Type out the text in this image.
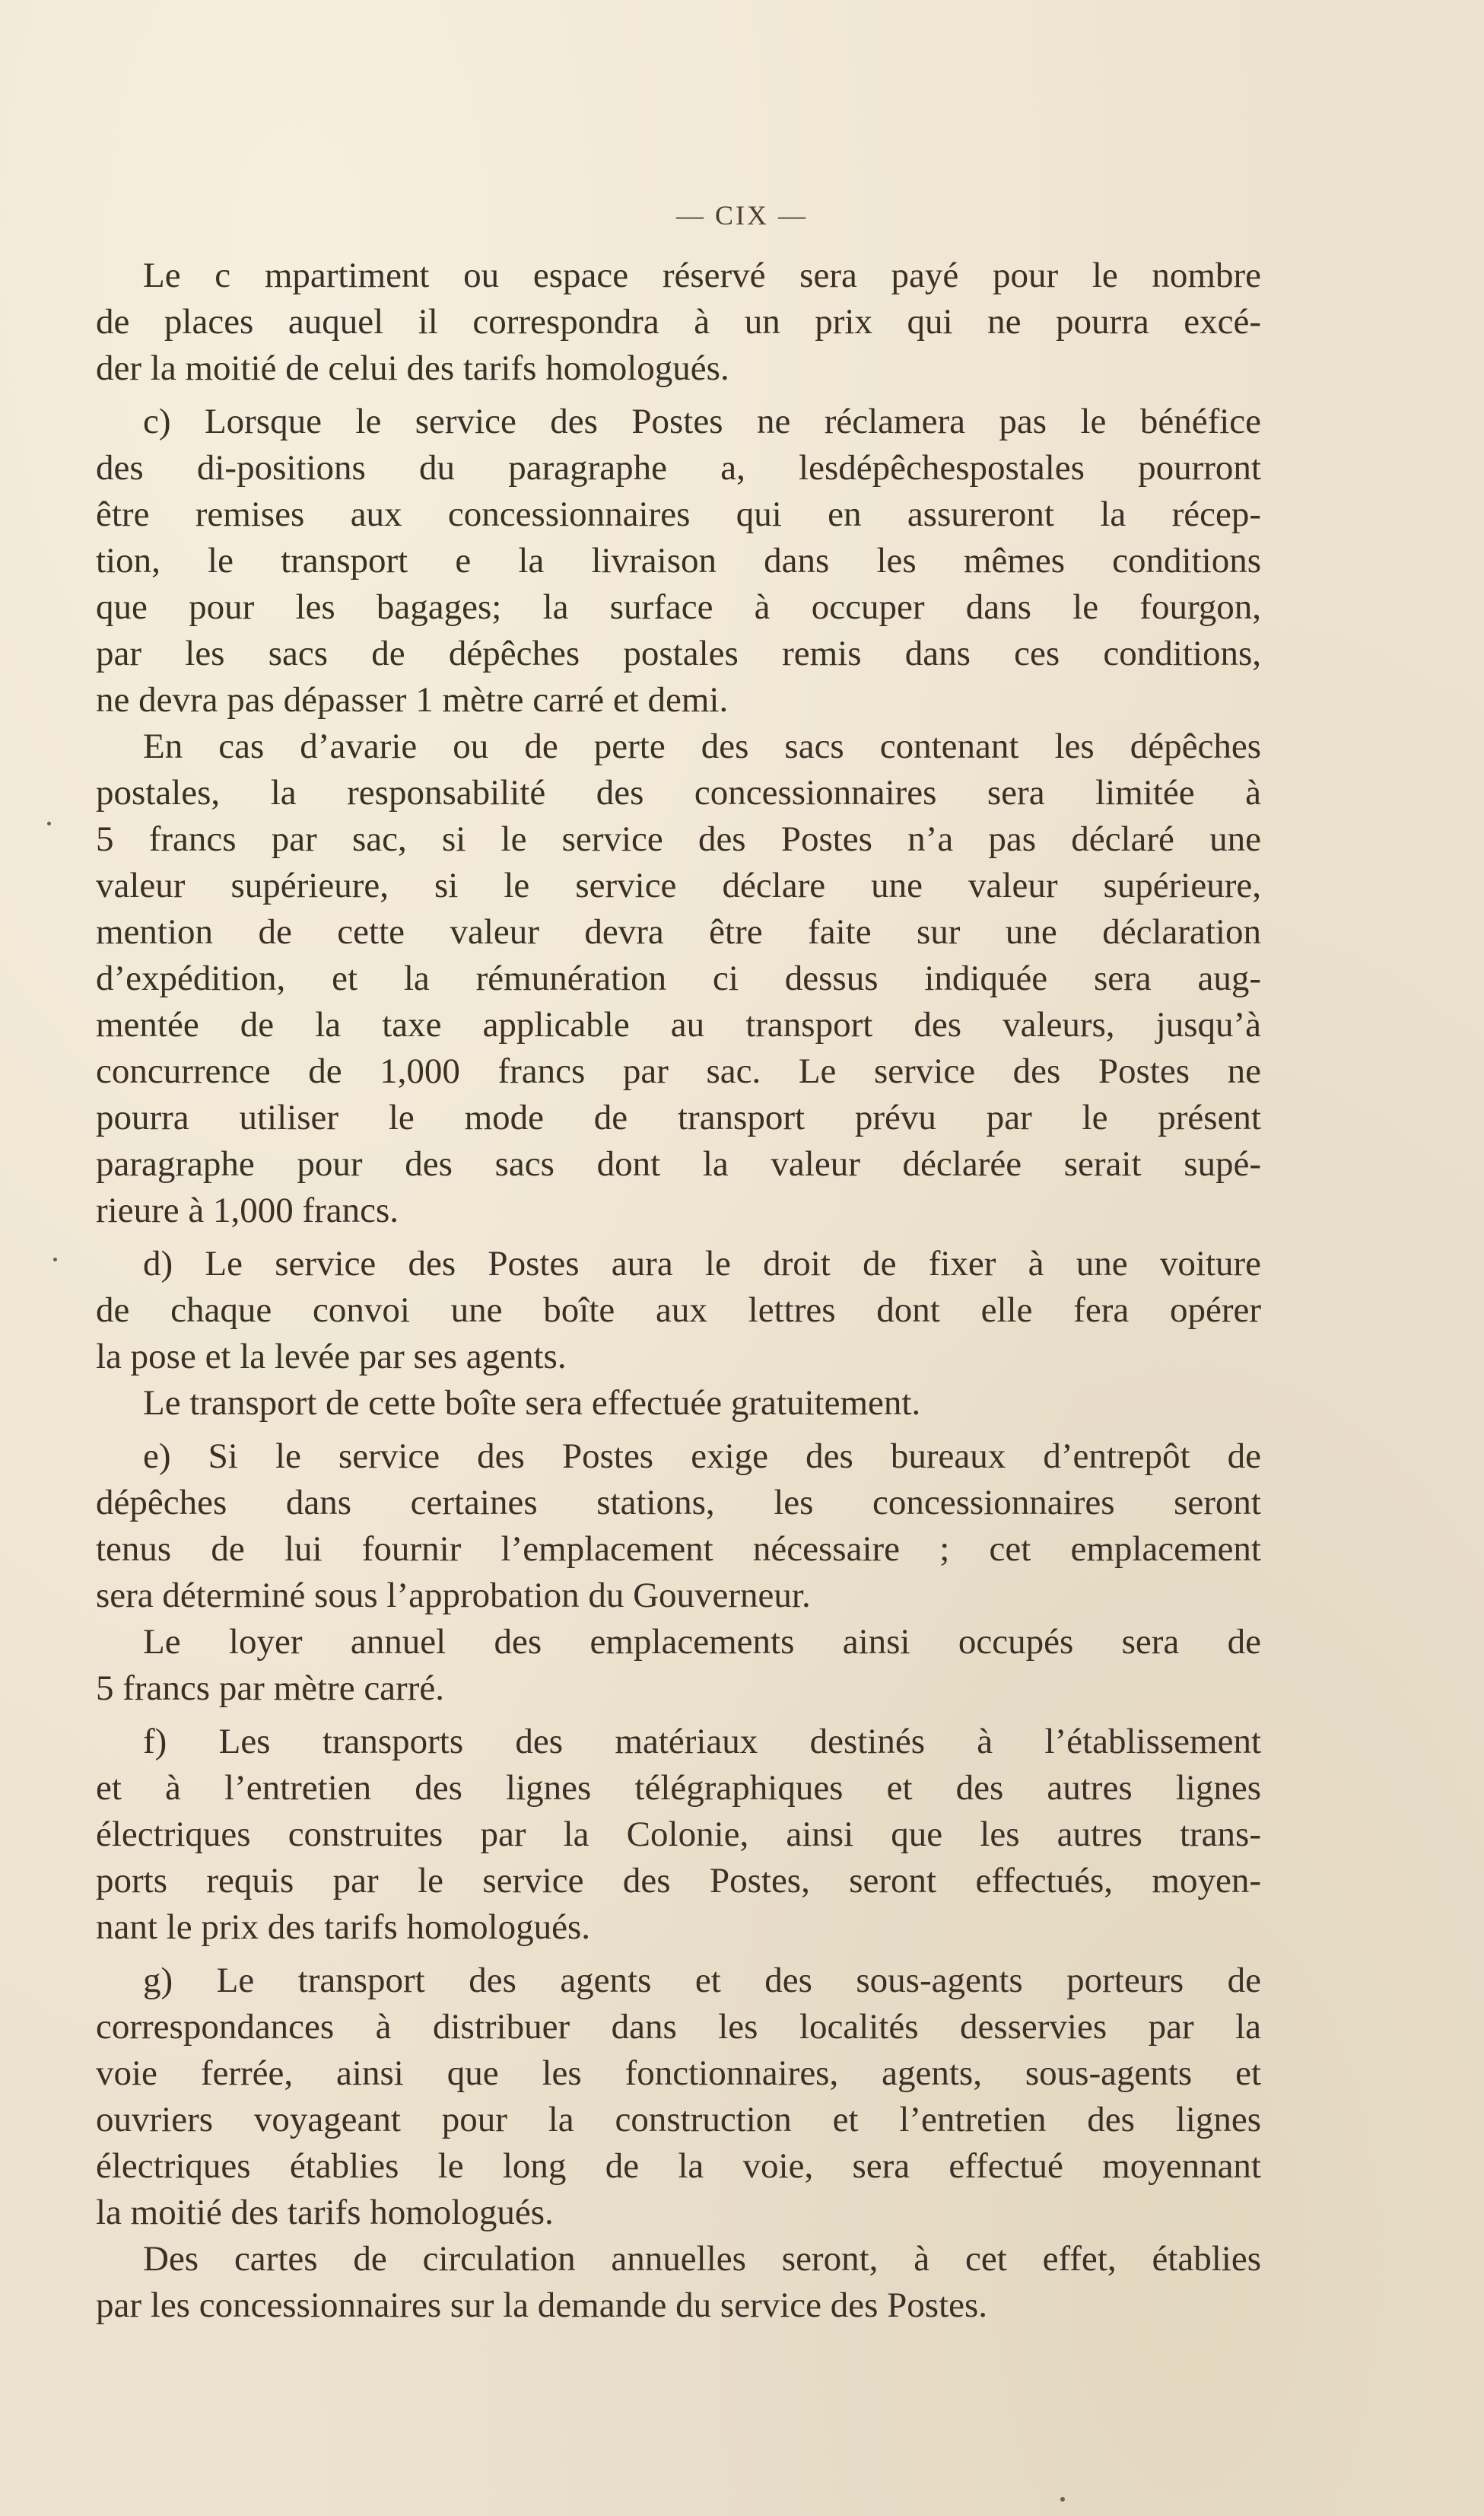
— CIX —
Le c mpartiment ou espace réservé sera payé pour le nombre
de places auquel il correspondra à un prix qui ne pourra excé-
der la moitié de celui des tarifs homologués.
c) Lorsque le service des Postes ne réclamera pas le bénéfice
des di-positions du paragraphe a, lesdépêchespostales pourront
être remises aux concessionnaires qui en assureront la récep-
tion, le transport e la livraison dans les mêmes conditions
que pour les bagages; la surface à occuper dans le fourgon,
par les sacs de dépêches postales remis dans ces conditions,
ne devra pas dépasser 1 mètre carré et demi.
En cas d’avarie ou de perte des sacs contenant les dépêches
postales, la responsabilité des concessionnaires sera limitée à
5 francs par sac, si le service des Postes n’a pas déclaré une
valeur supérieure, si le service déclare une valeur supérieure,
mention de cette valeur devra être faite sur une déclaration
d’expédition, et la rémunération ci dessus indiquée sera aug-
mentée de la taxe applicable au transport des valeurs, jusqu’à
concurrence de 1,000 francs par sac. Le service des Postes ne
pourra utiliser le mode de transport prévu par le présent
paragraphe pour des sacs dont la valeur déclarée serait supé-
rieure à 1,000 francs.
d) Le service des Postes aura le droit de fixer à une voiture
de chaque convoi une boîte aux lettres dont elle fera opérer
la pose et la levée par ses agents.
Le transport de cette boîte sera effectuée gratuitement.
e) Si le service des Postes exige des bureaux d’entrepôt de
dépêches dans certaines stations, les concessionnaires seront
tenus de lui fournir l’emplacement nécessaire ; cet emplacement
sera déterminé sous l’approbation du Gouverneur.
Le loyer annuel des emplacements ainsi occupés sera de
5 francs par mètre carré.
f) Les transports des matériaux destinés à l’établissement
et à l’entretien des lignes télégraphiques et des autres lignes
électriques construites par la Colonie, ainsi que les autres trans-
ports requis par le service des Postes, seront effectués, moyen-
nant le prix des tarifs homologués.
g) Le transport des agents et des sous-agents porteurs de
correspondances à distribuer dans les localités desservies par la
voie ferrée, ainsi que les fonctionnaires, agents, sous-agents et
ouvriers voyageant pour la construction et l’entretien des lignes
électriques établies le long de la voie, sera effectué moyennant
la moitié des tarifs homologués.
Des cartes de circulation annuelles seront, à cet effet, établies
par les concessionnaires sur la demande du service des Postes.
